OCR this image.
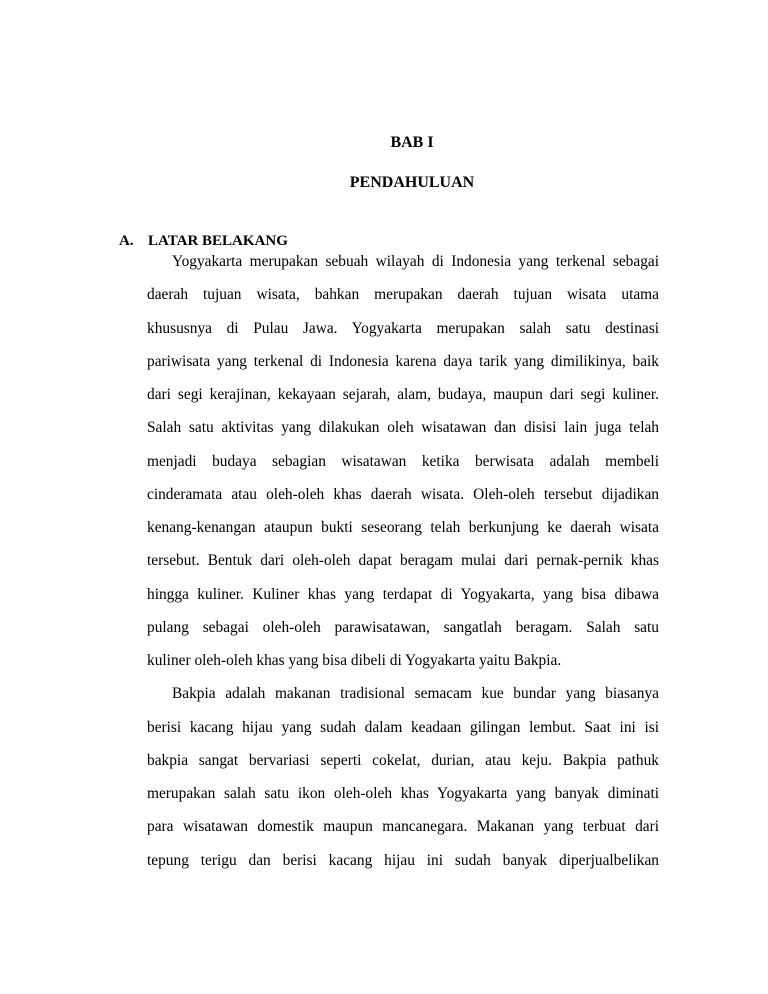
BAB I
PENDAHULUAN
A. LATAR BELAKANG
Yogyakarta merupakan sebuah wilayah di Indonesia yang terkenal sebagai
daerah tujuan wisata, bahkan merupakan daerah tujuan wisata utama
khususnya di Pulau Jawa. Yogyakarta merupakan salah satu destinasi
pariwisata yang terkenal di Indonesia karena daya tarik yang dimilikinya, baik
dari segi kerajinan, kekayaan sejarah, alam, budaya, maupun dari segi kuliner.
Salah satu aktivitas yang dilakukan oleh wisatawan dan disisi lain juga telah
menjadi budaya sebagian wisatawan ketika berwisata adalah membeli
cinderamata atau oleh-oleh khas daerah wisata. Oleh-oleh tersebut dijadikan
kenang-kenangan ataupun bukti seseorang telah berkunjung ke daerah wisata
tersebut. Bentuk dari oleh-oleh dapat beragam mulai dari pernak-pernik khas
hingga kuliner. Kuliner khas yang terdapat di Yogyakarta, yang bisa dibawa
pulang sebagai oleh-oleh parawisatawan, sangatlah beragam. Salah satu
kuliner oleh-oleh khas yang bisa dibeli di Yogyakarta yaitu Bakpia.
Bakpia adalah makanan tradisional semacam kue bundar yang biasanya
berisi kacang hijau yang sudah dalam keadaan gilingan lembut. Saat ini isi
bakpia sangat bervariasi seperti cokelat, durian, atau keju. Bakpia pathuk
merupakan salah satu ikon oleh-oleh khas Yogyakarta yang banyak diminati
para wisatawan domestik maupun mancanegara. Makanan yang terbuat dari
tepung terigu dan berisi kacang hijau ini sudah banyak diperjualbelikan
